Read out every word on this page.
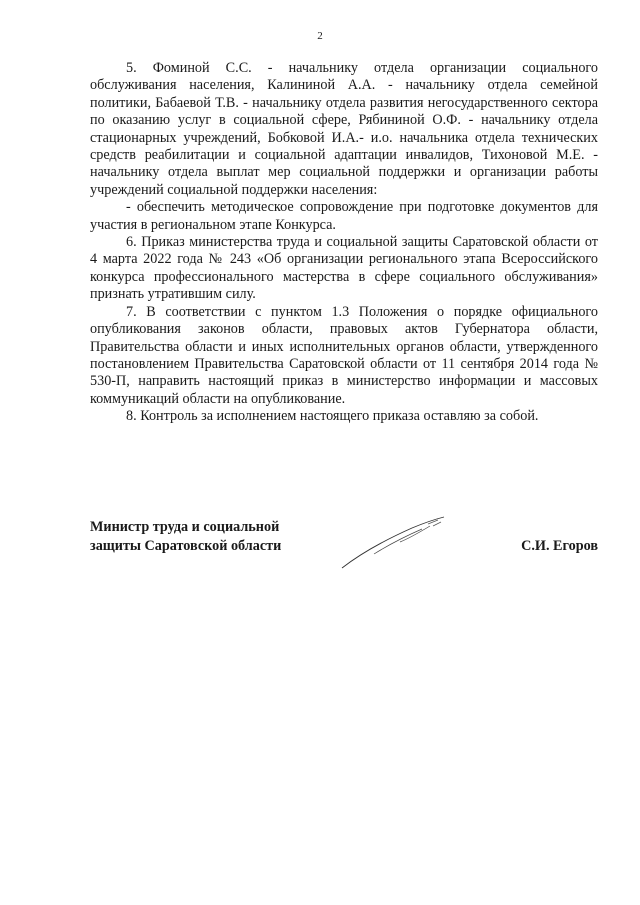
2

5. Фоминой С.С. - начальнику отдела организации социального обслуживания населения, Калининой А.А. - начальнику отдела семейной политики, Бабаевой Т.В. - начальнику отдела развития негосударственного сектора по оказанию услуг в социальной сфере, Рябининой О.Ф. - начальнику отдела стационарных учреждений, Бобковой И.А.- и.о. начальника отдела технических средств реабилитации и социальной адаптации инвалидов, Тихоновой М.Е. - начальнику отдела выплат мер социальной поддержки и организации работы учреждений социальной поддержки населения:

- обеспечить методическое сопровождение при подготовке документов для участия в региональном этапе Конкурса.

6. Приказ министерства труда и социальной защиты Саратовской области от 4 марта 2022 года № 243 «Об организации регионального этапа Всероссийского конкурса профессионального мастерства в сфере социального обслуживания» признать утратившим силу.

7. В соответствии с пунктом 1.3 Положения о порядке официального опубликования законов области, правовых актов Губернатора области, Правительства области и иных исполнительных органов области, утвержденного постановлением Правительства Саратовской области от 11 сентября 2014 года № 530-П, направить настоящий приказ в министерство информации и массовых коммуникаций области на опубликование.

8. Контроль за исполнением настоящего приказа оставляю за собой.

Министр труда и социальной
защиты Саратовской области	С.И. Егоров
